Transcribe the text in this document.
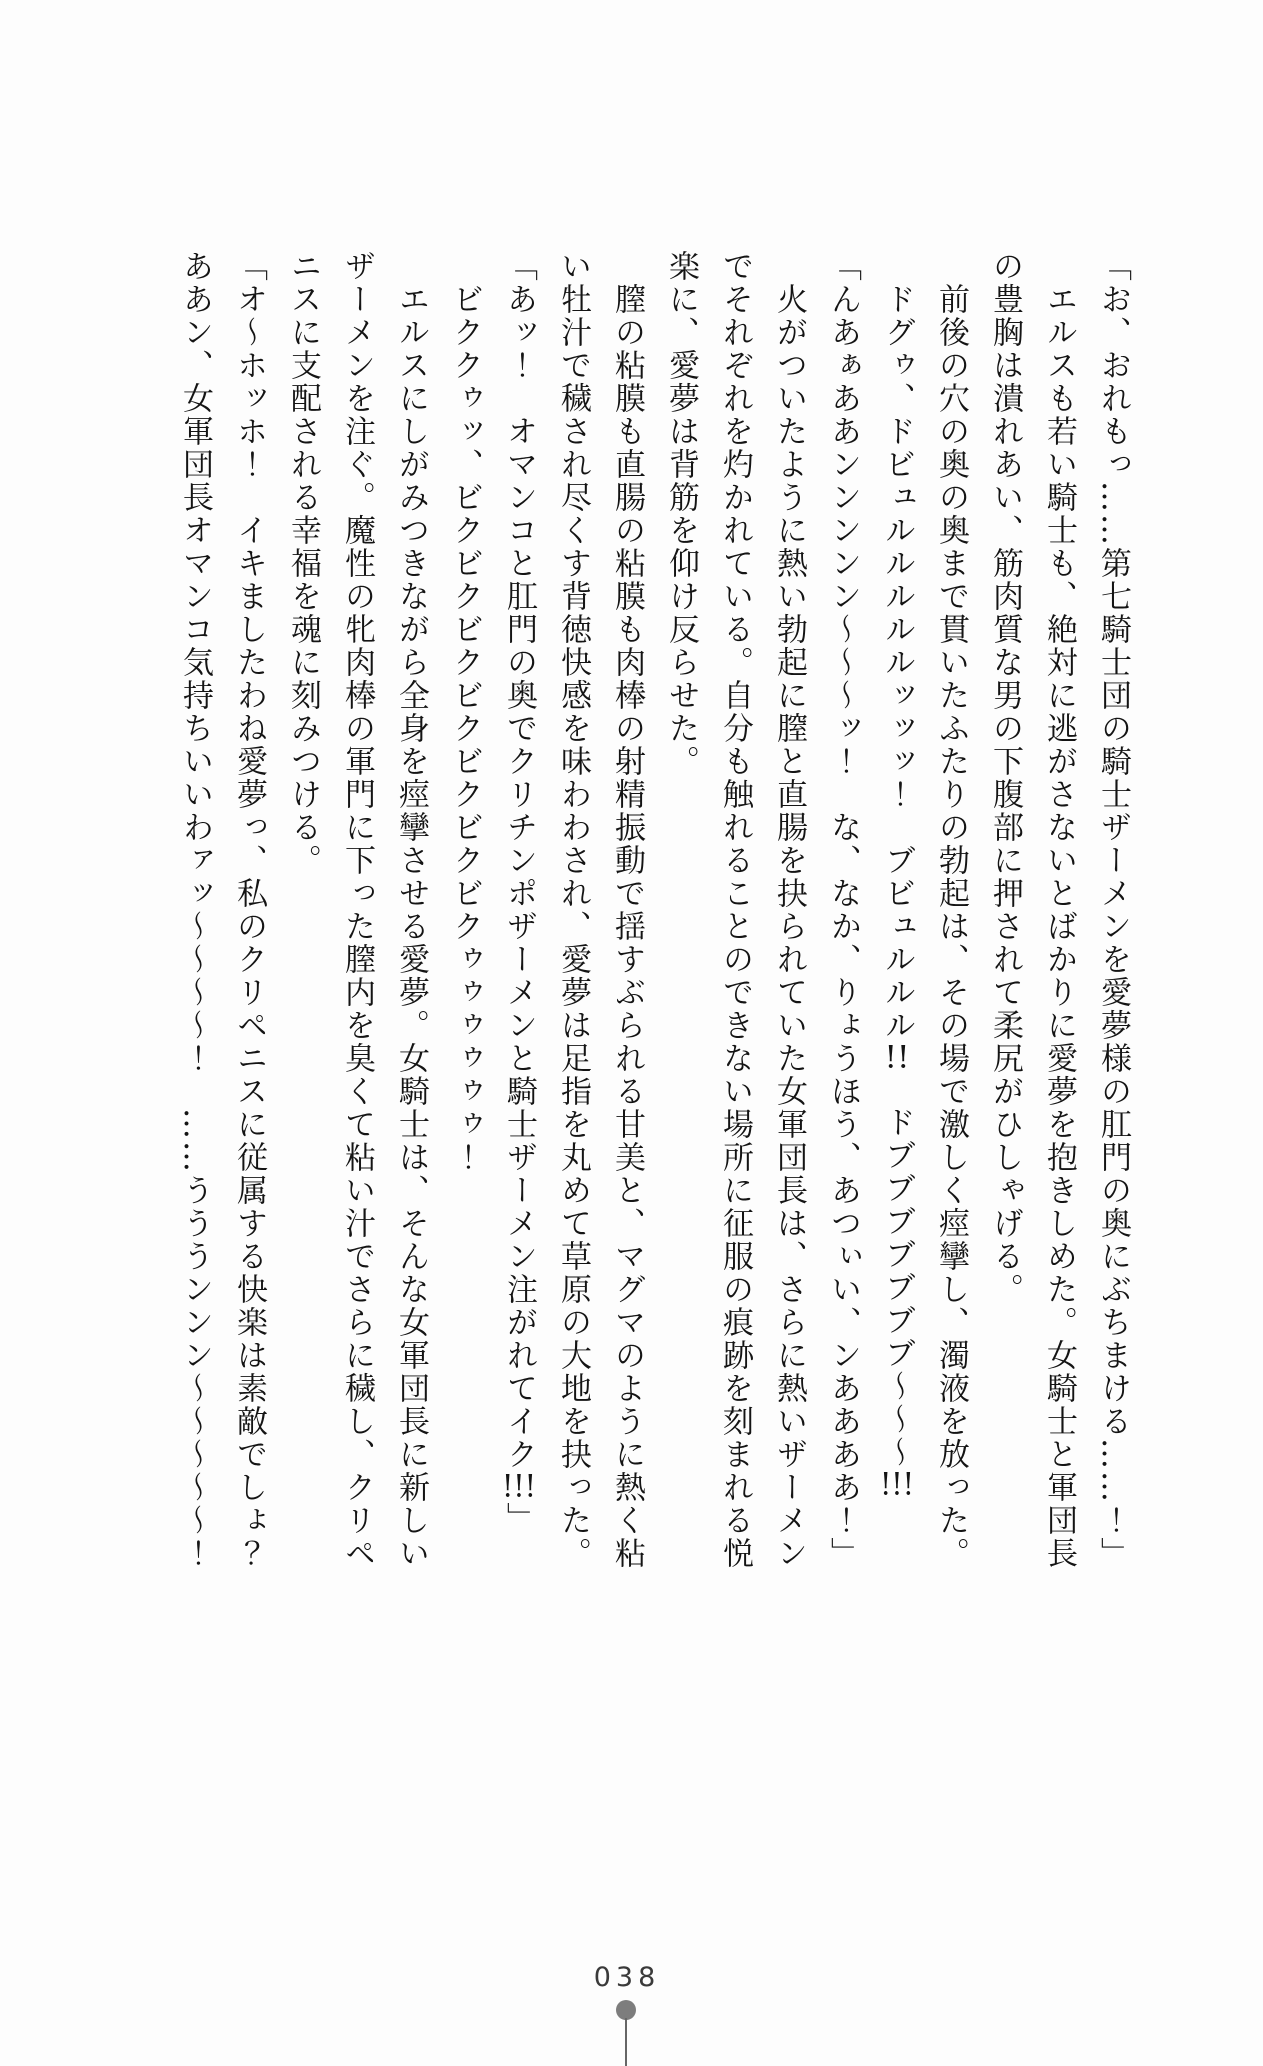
「お、おれもっ……第七騎士団の騎士ザーメンを愛夢様の肛門の奥にぶちまける……！」
エルスも若い騎士も、絶対に逃がさないとばかりに愛夢を抱きしめた。女騎士と軍団長
の豊胸は潰れあい、筋肉質な男の下腹部に押されて柔尻がひしゃげる。
前後の穴の奥の奥まで貫いたふたりの勃起は、その場で激しく痙攣し、濁液を放った。
ドグゥ、ドビュルルルルルッッッ！　ブビュルルル!!　ドブブブブブブブ〜〜〜!!!
「んあぁああンンンンン〜〜〜ッ！　な、なか、りょうほう、あつぃい、ンああああ！」
火がついたように熱い勃起に膣と直腸を抉られていた女軍団長は、さらに熱いザーメン
でそれぞれを灼かれている。自分も触れることのできない場所に征服の痕跡を刻まれる悦
楽に、愛夢は背筋を仰け反らせた。
膣の粘膜も直腸の粘膜も肉棒の射精振動で揺すぶられる甘美と、マグマのように熱く粘
い牡汁で穢され尽くす背徳快感を味わわされ、愛夢は足指を丸めて草原の大地を抉った。
「あッ！　オマンコと肛門の奥でクリチンポザーメンと騎士ザーメン注がれてイク!!!」
ビククゥッ、ビクビクビクビクビクビクビクゥゥゥゥゥゥ！
エルスにしがみつきながら全身を痙攣させる愛夢。女騎士は、そんな女軍団長に新しい
ザーメンを注ぐ。魔性の牝肉棒の軍門に下った膣内を臭くて粘い汁でさらに穢し、クリペ
ニスに支配される幸福を魂に刻みつける。
「オ〜ホッホ！　イキましたわね愛夢っ、私のクリペニスに従属する快楽は素敵でしょ？
ああン、女軍団長オマンコ気持ちいいわァッ〜〜〜〜！　……うううンンン〜〜〜〜〜！
038
